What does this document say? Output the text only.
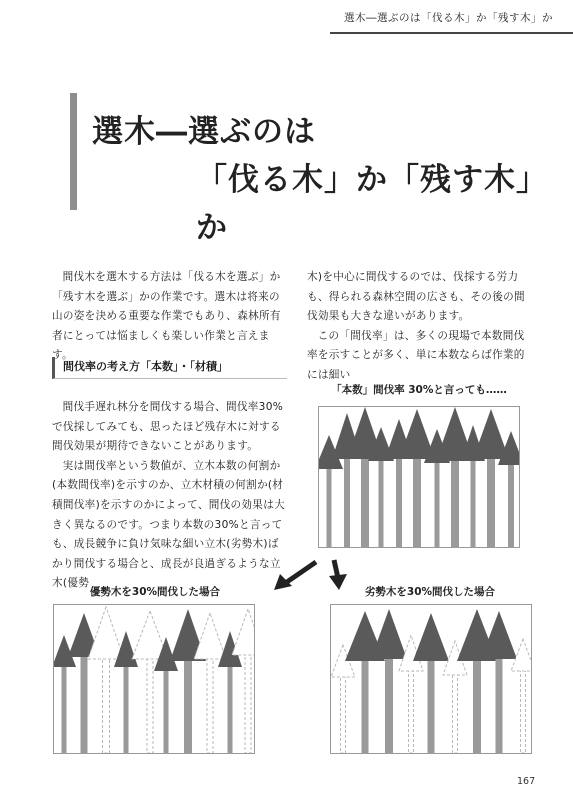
選木―選ぶのは「伐る木」か「残す木」か
選木―選ぶのは
「伐る木」か「残す木」か

間伐木を選木する方法は「伐る木を選ぶ」か「残す木を選ぶ」かの作業です。選木は将来の山の姿を決める重要な作業でもあり、森林所有者にとっては悩ましくも楽しい作業と言えます。

間伐率の考え方「本数」・「材積」

間伐手遅れ林分を間伐する場合、間伐率30%で伐採してみても、思ったほど残存木に対する間伐効果が期待できないことがあります。

実は間伐率という数値が、立木本数の何割か(本数間伐率)を示すのか、立木材積の何割か(材積間伐率)を示すのかによって、間伐の効果は大きく異なるのです。つまり本数の30%と言っても、成長競争に負け気味な細い立木(劣勢木)ばかり間伐する場合と、成長が良過ぎるような立木(優勢

木)を中心に間伐するのでは、伐採する労力も、得られる森林空間の広さも、その後の間伐効果も大きな違いがあります。

この「間伐率」は、多くの現場で本数間伐率を示すことが多く、単に本数ならば作業的には細い

「本数」間伐率 30%と言っても……
優勢木を30%間伐した場合	劣勢木を30%間伐した場合
167
